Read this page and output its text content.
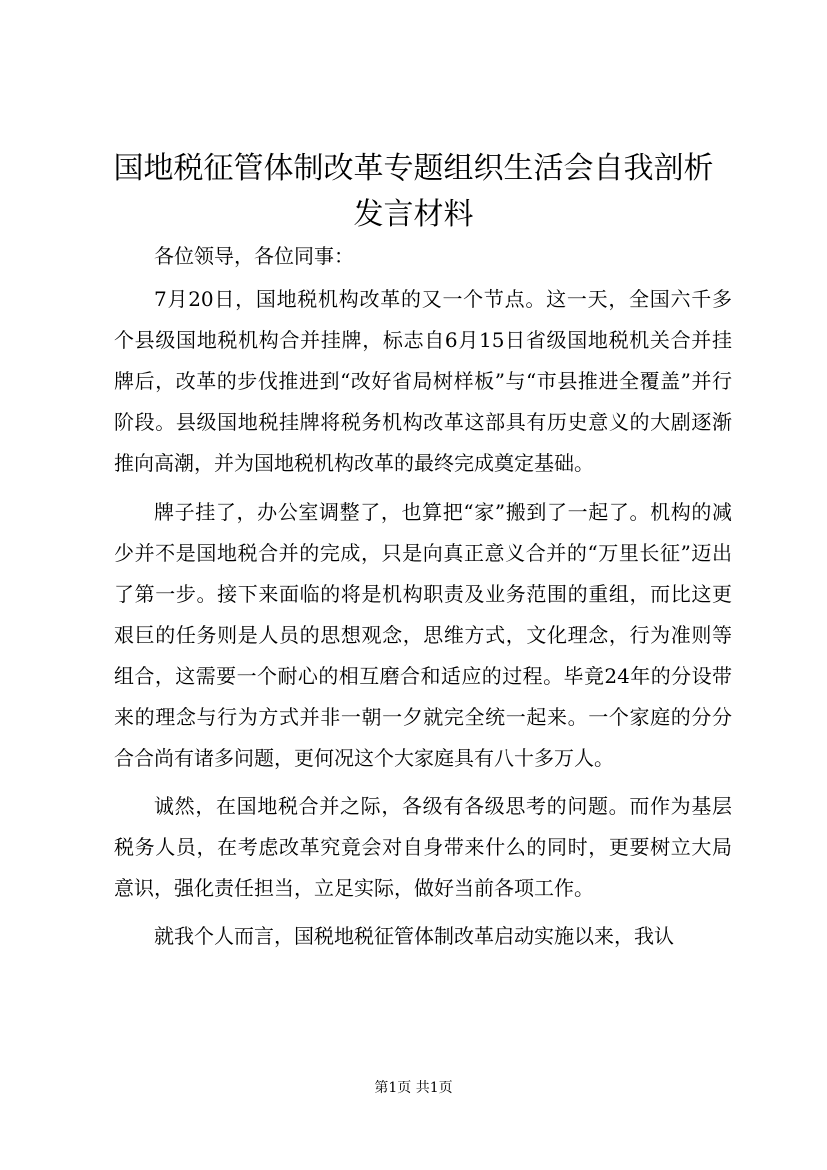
国地税征管体制改革专题组织生活会自我剖析
发言材料

各位领导，各位同事：

7月20日，国地税机构改革的又一个节点。这一天，全国六千多个县级国地税机构合并挂牌，标志自6月15日省级国地税机关合并挂牌后，改革的步伐推进到“改好省局树样板”与“市县推进全覆盖”并行阶段。县级国地税挂牌将税务机构改革这部具有历史意义的大剧逐渐推向高潮，并为国地税机构改革的最终完成奠定基础。

牌子挂了，办公室调整了，也算把“家”搬到了一起了。机构的减少并不是国地税合并的完成，只是向真正意义合并的“万里长征”迈出了第一步。接下来面临的将是机构职责及业务范围的重组，而比这更艰巨的任务则是人员的思想观念，思维方式，文化理念，行为准则等组合，这需要一个耐心的相互磨合和适应的过程。毕竟24年的分设带来的理念与行为方式并非一朝一夕就完全统一起来。一个家庭的分分合合尚有诸多问题，更何况这个大家庭具有八十多万人。

诚然，在国地税合并之际，各级有各级思考的问题。而作为基层税务人员，在考虑改革究竟会对自身带来什么的同时，更要树立大局意识，强化责任担当，立足实际，做好当前各项工作。

就我个人而言，国税地税征管体制改革启动实施以来，我认

第1页 共1页
